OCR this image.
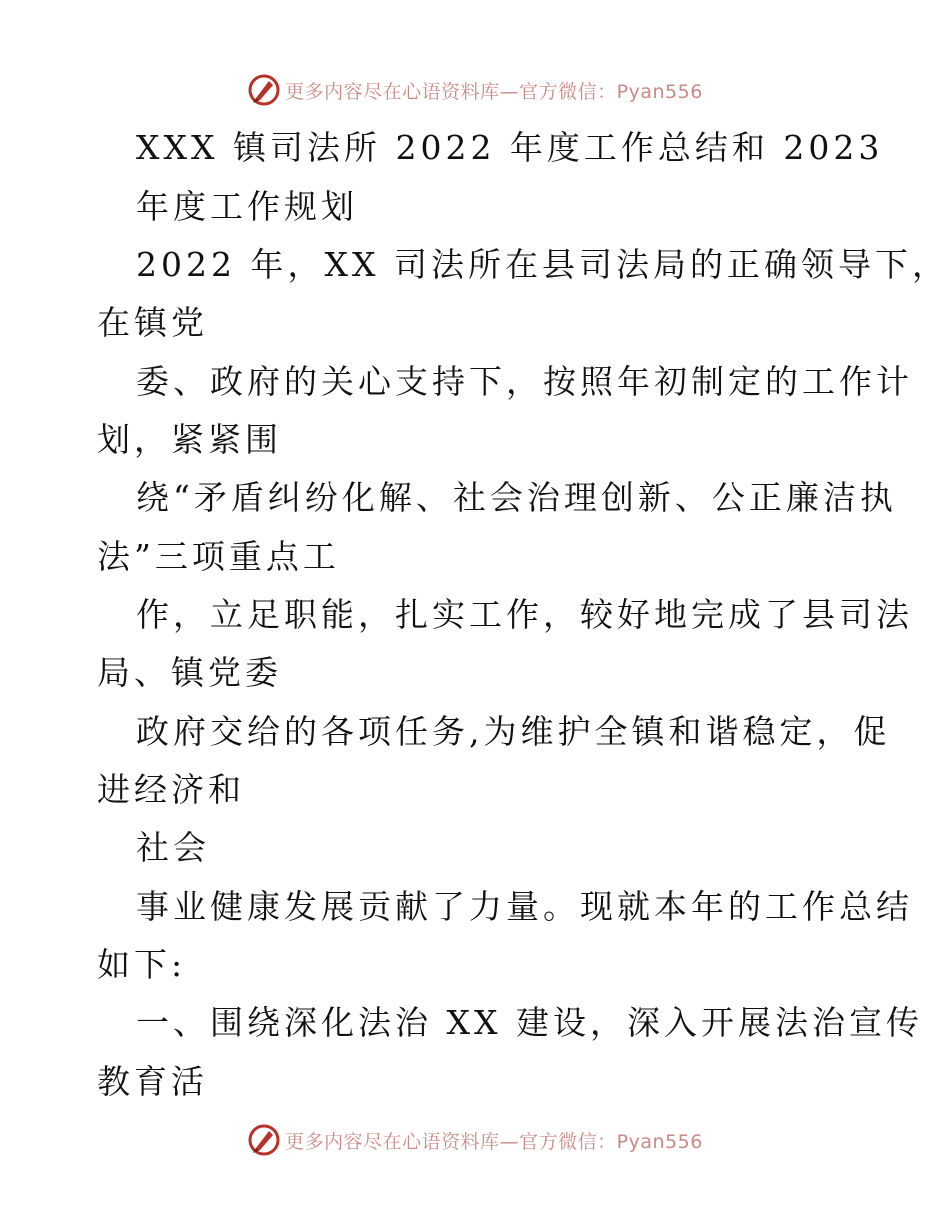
更多内容尽在心语资料库—官方微信：Pyan556
XXX 镇司法所 2022 年度工作总结和 2023
年度工作规划
2022 年，XX 司法所在县司法局的正确领导下，
在镇党
委、政府的关心支持下，按照年初制定的工作计
划，紧紧围
绕“矛盾纠纷化解、社会治理创新、公正廉洁执
法”三项重点工
作，立足职能，扎实工作，较好地完成了县司法
局、镇党委
政府交给的各项任务,为维护全镇和谐稳定，促
进经济和
社会
事业健康发展贡献了力量。现就本年的工作总结
如下:
一、围绕深化法治 XX 建设，深入开展法治宣传
教育活
更多内容尽在心语资料库—官方微信：Pyan556
